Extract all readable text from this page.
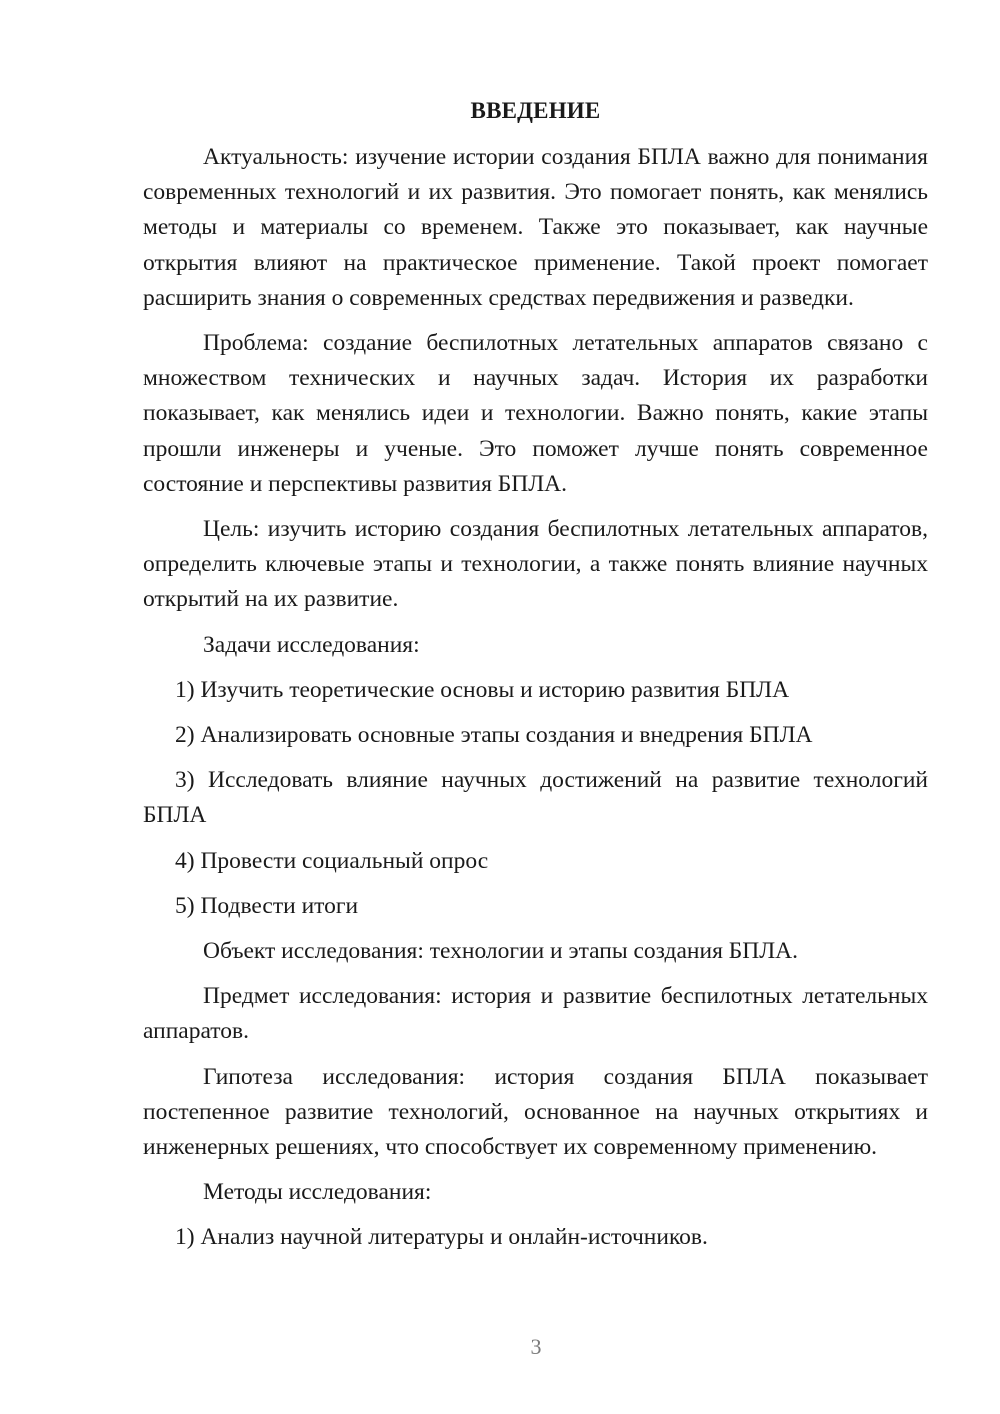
ВВЕДЕНИЕ

Актуальность: изучение истории создания БПЛА важно для понимания современных технологий и их развития. Это помогает понять, как менялись методы и материалы со временем. Также это показывает, как научные открытия влияют на практическое применение. Такой проект помогает расширить знания о современных средствах передвижения и разведки.

Проблема: создание беспилотных летательных аппаратов связано с множеством технических и научных задач. История их разработки показывает, как менялись идеи и технологии. Важно понять, какие этапы прошли инженеры и ученые. Это поможет лучше понять современное состояние и перспективы развития БПЛА.

Цель: изучить историю создания беспилотных летательных аппаратов, определить ключевые этапы и технологии, а также понять влияние научных открытий на их развитие.

Задачи исследования:

1) Изучить теоретические основы и историю развития БПЛА

2) Анализировать основные этапы создания и внедрения БПЛА

3) Исследовать влияние научных достижений на развитие технологий БПЛА

4) Провести социальный опрос

5) Подвести итоги

Объект исследования: технологии и этапы создания БПЛА.

Предмет исследования: история и развитие беспилотных летательных аппаратов.

Гипотеза исследования: история создания БПЛА показывает постепенное развитие технологий, основанное на научных открытиях и инженерных решениях, что способствует их современному применению.

Методы исследования:

1) Анализ научной литературы и онлайн-источников.

3
